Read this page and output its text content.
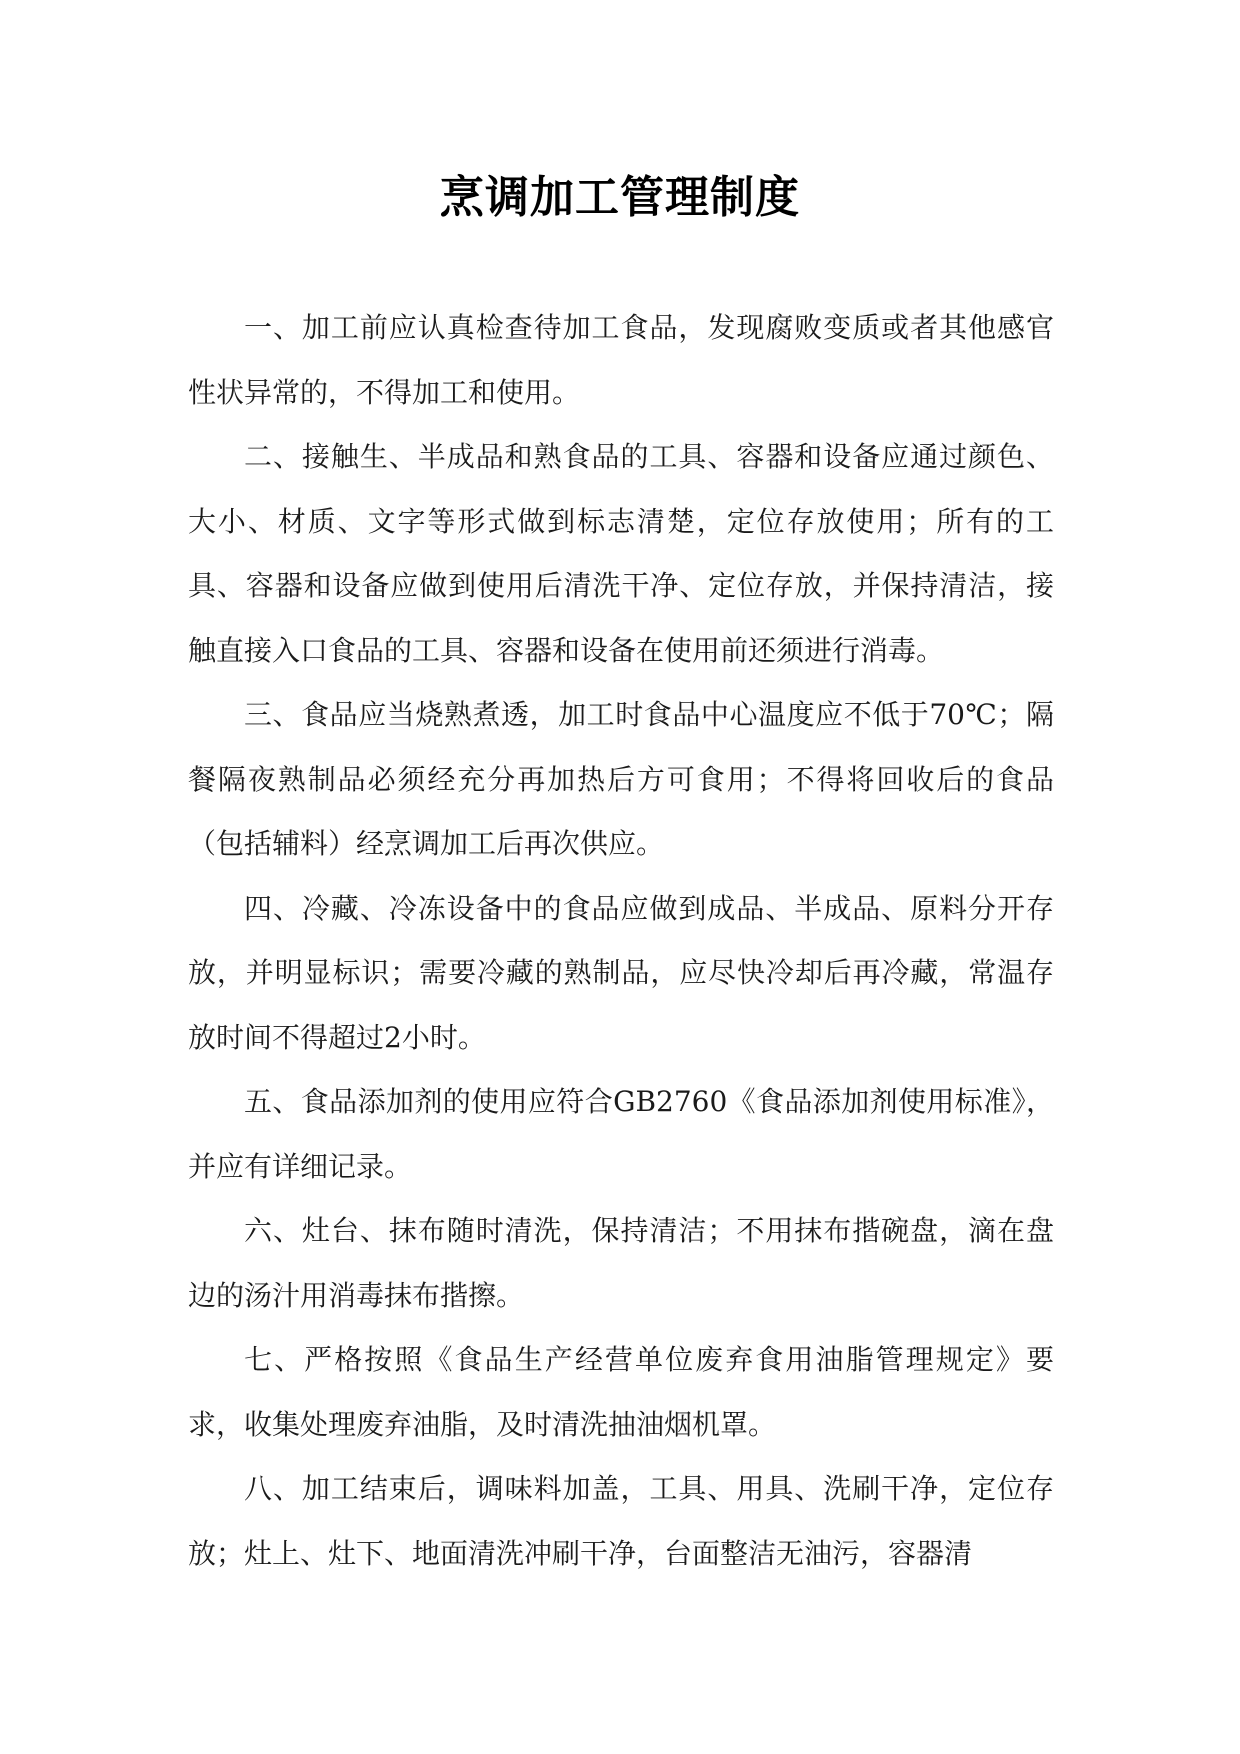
烹调加工管理制度

一、加工前应认真检查待加工食品，发现腐败变质或者其他感官性状异常的，不得加工和使用。

二、接触生、半成品和熟食品的工具、容器和设备应通过颜色、大小、材质、文字等形式做到标志清楚，定位存放使用；所有的工具、容器和设备应做到使用后清洗干净、定位存放，并保持清洁，接触直接入口食品的工具、容器和设备在使用前还须进行消毒。

三、食品应当烧熟煮透，加工时食品中心温度应不低于70℃；隔餐隔夜熟制品必须经充分再加热后方可食用；不得将回收后的食品（包括辅料）经烹调加工后再次供应。

四、冷藏、冷冻设备中的食品应做到成品、半成品、原料分开存放，并明显标识；需要冷藏的熟制品，应尽快冷却后再冷藏，常温存放时间不得超过2小时。

五、食品添加剂的使用应符合GB2760《食品添加剂使用标准》，并应有详细记录。

六、灶台、抹布随时清洗，保持清洁；不用抹布揩碗盘，滴在盘边的汤汁用消毒抹布揩擦。

七、严格按照《食品生产经营单位废弃食用油脂管理规定》要求，收集处理废弃油脂，及时清洗抽油烟机罩。

八、加工结束后，调味料加盖，工具、用具、洗刷干净，定位存放；灶上、灶下、地面清洗冲刷干净，台面整洁无油污，容器清
